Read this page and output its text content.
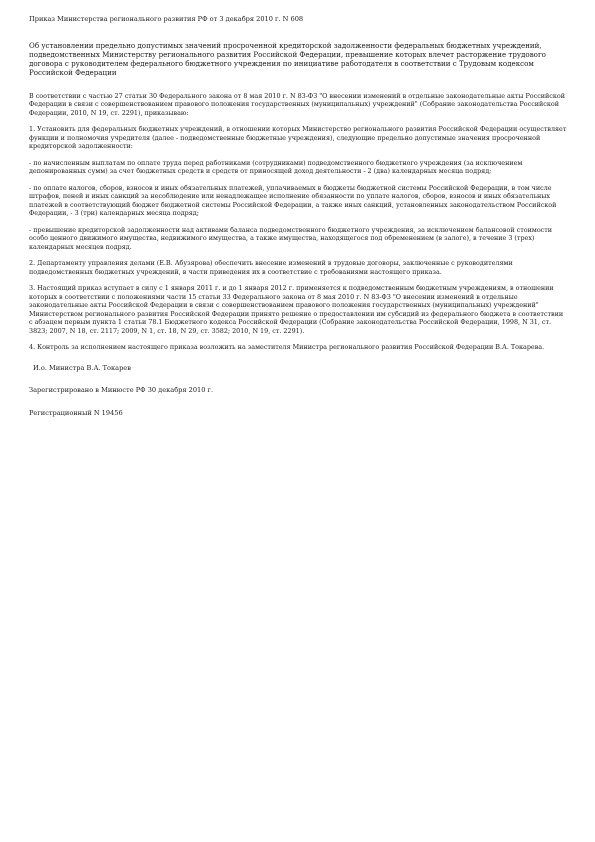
Приказ Министерства регионального развития РФ от 3 декабря 2010 г. N 608
Об установлении предельно допустимых значений просроченной кредиторской задолженности федеральных бюджетных учреждений, подведомственных Министерству регионального развития Российской Федерации, превышение которых влечет расторжение трудового договора с руководителем федерального бюджетного учреждения по инициативе работодателя в соответствии с Трудовым кодексом Российской Федерации
В соответствии с частью 27 статьи 30 Федерального закона от 8 мая 2010 г. N 83-ФЗ "О внесении изменений в отдельные законодательные акты Российской Федерации в связи с совершенствованием правового положения государственных (муниципальных) учреждений" (Собрание законодательства Российской Федерации, 2010, N 19, ст. 2291), приказываю:
1. Установить для федеральных бюджетных учреждений, в отношении которых Министерство регионального развития Российской Федерации осуществляет функции и полномочия учредителя (далее - подведомственные бюджетные учреждения), следующие предельно допустимые значения просроченной кредиторской задолженности:
- по начисленным выплатам по оплате труда перед работниками (сотрудниками) подведомственного бюджетного учреждения (за исключением депонированных сумм) за счет бюджетных средств и средств от приносящей доход деятельности - 2 (два) календарных месяца подряд;
- по оплате налогов, сборов, взносов и иных обязательных платежей, уплачиваемых в бюджеты бюджетной системы Российской Федерации, в том числе штрафов, пеней и иных санкций за несоблюдение или ненадлежащее исполнение обязанности по уплате налогов, сборов, взносов и иных обязательных платежей в соответствующий бюджет бюджетной системы Российской Федерации, а также иных санкций, установленных законодательством Российской Федерации, - 3 (три) календарных месяца подряд;
- превышение кредиторской задолженности над активами баланса подведомственного бюджетного учреждения, за исключением балансовой стоимости особо ценного движимого имущества, недвижимого имущества, а также имущества, находящегося под обременением (в залоге), в течение 3 (трех) календарных месяцев подряд.
2. Департаменту управления делами (Е.В. Абузярова) обеспечить внесение изменений в трудовые договоры, заключенные с руководителями подведомственных бюджетных учреждений, в части приведения их в соответствие с требованиями настоящего приказа.
3. Настоящий приказ вступает в силу с 1 января 2011 г. и до 1 января 2012 г. применяется к подведомственным бюджетным учреждениям, в отношении которых в соответствии с положениями части 15 статьи 33 Федерального закона от 8 мая 2010 г. N 83-ФЗ "О внесении изменений в отдельные законодательные акты Российской Федерации в связи с совершенствованием правового положения государственных (муниципальных) учреждений" Министерством регионального развития Российской Федерации принято решение о предоставлении им субсидий из федерального бюджета в соответствии с абзацем первым пункта 1 статьи 78.1 Бюджетного кодекса Российской Федерации (Собрание законодательства Российской Федерации, 1998, N 31, ст. 3823; 2007, N 18, ст. 2117; 2009, N 1, ст. 18, N 29, ст. 3582; 2010, N 19, ст. 2291).
4. Контроль за исполнением настоящего приказа возложить на заместителя Министра регионального развития Российской Федерации В.А. Токарева.
И.о. Министра В.А. Токарев
Зарегистрировано в Минюсте РФ 30 декабря 2010 г.
Регистрационный N 19456
